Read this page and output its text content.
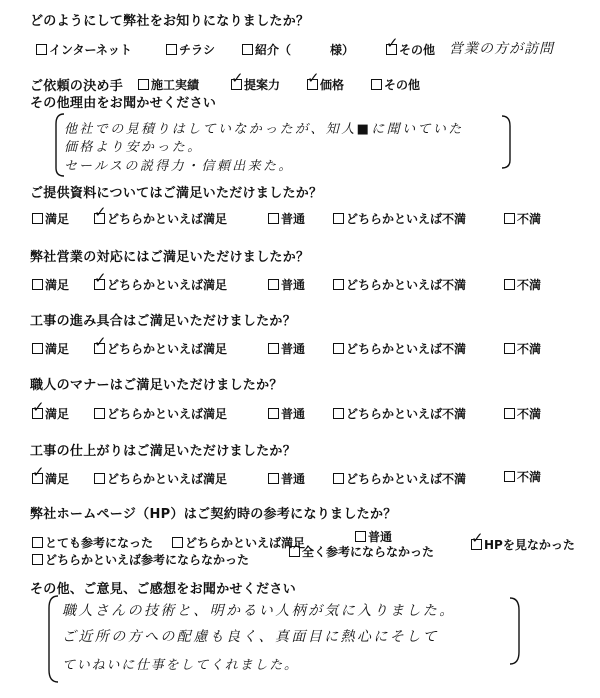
どのようにして弊社をお知りになりましたか？
インターネット	チラシ	紹介（	様） ✓ その他 営業の方が訪問
ご依頼の決め手 施工実績 ✓ 提案力 ✓ 価格	その他
その他理由をお聞かせください
他社での見積りはしていなかったが、知人■に聞いていた
価格より安かった。
セールスの説得力・信頼出来た。
ご提供資料についてはご満足いただけましたか？
満足 ✓ どちらかといえば満足	普通	どちらかといえば不満	不満
弊社営業の対応にはご満足いただけましたか？
満足 ✓ どちらかといえば満足	普通	どちらかといえば不満	不満
工事の進み具合はご満足いただけましたか？
満足 ✓ どちらかといえば満足	普通	どちらかといえば不満	不満
職人のマナーはご満足いただけましたか？
✓ 満足	どちらかといえば満足	普通	どちらかといえば不満	不満
工事の仕上がりはご満足いただけましたか？
✓ 満足	どちらかといえば満足	普通	どちらかといえば不満	不満
弊社ホームページ（HP）はご契約時の参考になりましたか？
とても参考になった	どちらかといえば満足	普通
どちらかといえば参考にならなかった
全く参考にならなかった
✓ HPを見なかった
その他、ご意見、ご感想をお聞かせください
職人さんの技術と、明かるい人柄が気に入りました。
ご近所の方への配慮も良く、真面目に熱心にそして
ていねいに仕事をしてくれました。
